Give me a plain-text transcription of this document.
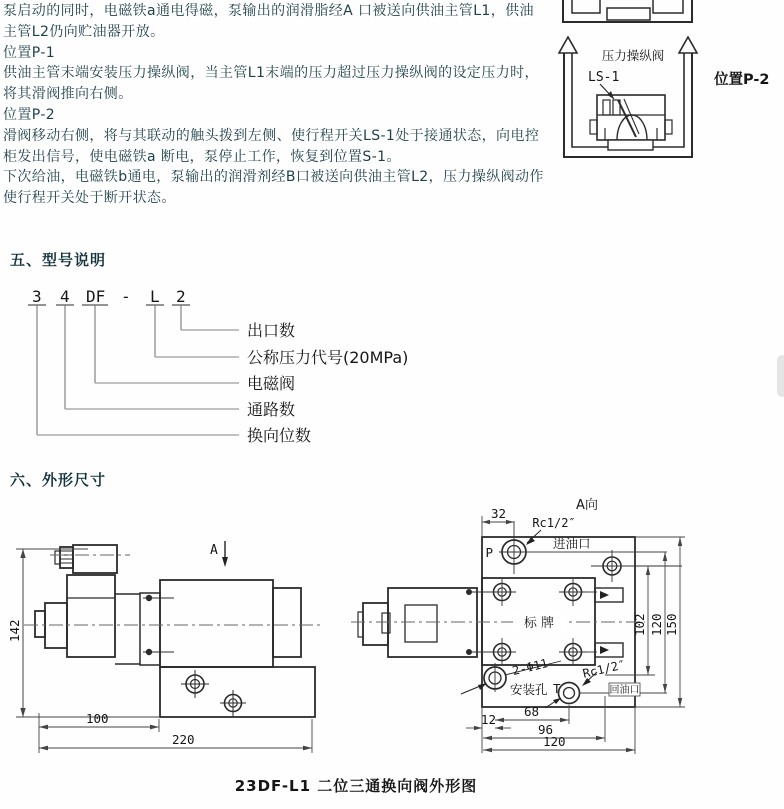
泵启动的同时，电磁铁a通电得磁，泵输出的润滑脂经A 口被送向供油主管L1，供油主管L2仍向贮油器开放。

位置P-1

供油主管末端安装压力操纵阀，当主管L1末端的压力超过压力操纵阀的设定压力时，将其滑阀推向右侧。

位置P-2

滑阀移动右侧，将与其联动的触头拨到左侧、使行程开关LS-1处于接通状态，向电控柜发出信号，使电磁铁a 断电，泵停止工作，恢复到位置S-1。

下次给油，电磁铁b通电，泵输出的润滑剂经B口被送向供油主管L2，压力操纵阀动作使行程开关处于断开状态。

压力操纵阀
LS-1	位置P-2
五、型号说明
3 4 DF - L 2
出口数
公称压力代号(20MPa)
电磁阀
通路数
换向位数
六、外形尺寸
A
142
100
220
标 牌
Rc1/2″
P
进油口
2-Φ11
安装孔 T
Rc1/2″
回油口
A向
32
68
12
96
120
102 120 150
23DF-L1 二位三通换向阀外形图
